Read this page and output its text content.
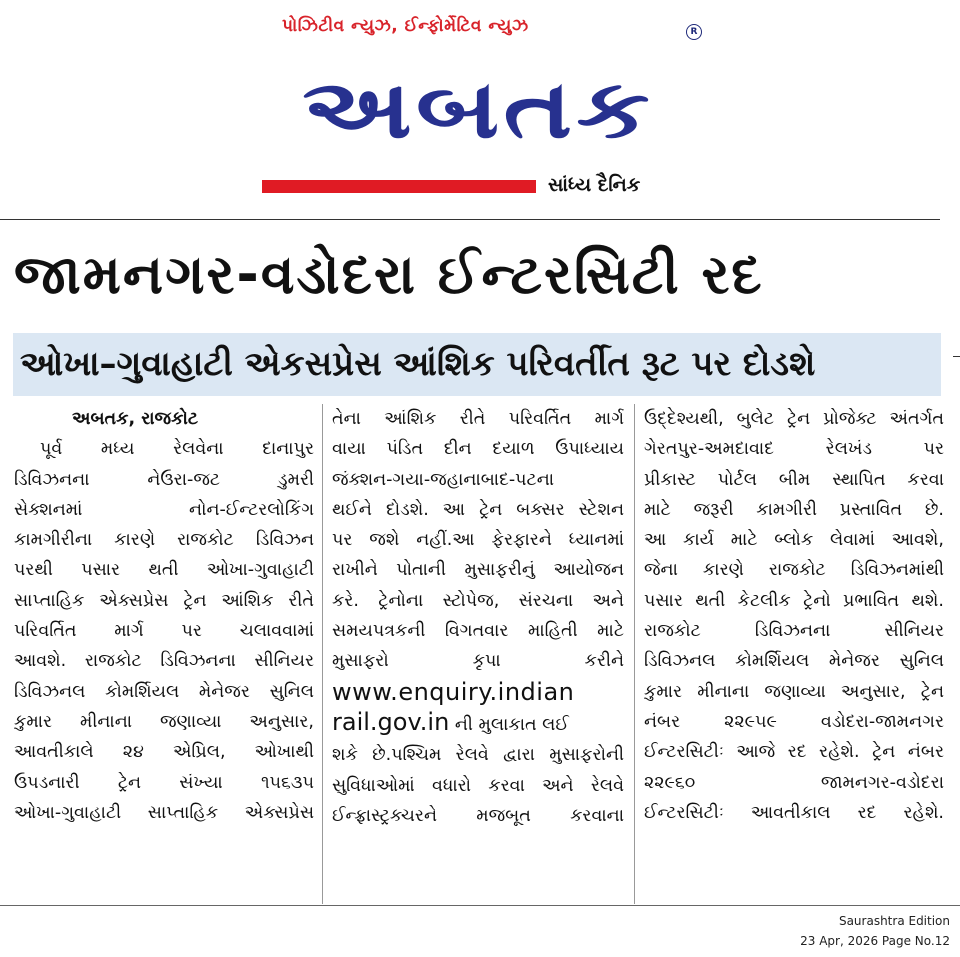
પોઝિટીવ ન્યુઝ, ઈન્ફોર્મેટિવ ન્યુઝ	R
અબતક
સાંધ્ય દૈનિક
જામનગર-વડોદરા ઈન્ટરસિટી રદ
ઓખા–ગુવાહાટી એકસપ્રેસ આંશિક પરિવર્તીત રૂટ પર દોડશે
અબતક, રાજકોટ
પૂર્વ મધ્ય રેલવેના દાનાપુર
ડિવિઝનના નેઉરા-જટ ડુમરી
સેક્શનમાં નોન-ઈન્ટરલોકિંગ
કામગીરીના કારણે રાજકોટ ડિવિઝન
પરથી પસાર થતી ઓખા-ગુવાહાટી
સાપ્તાહિક એક્સપ્રેસ ટ્રેન આંશિક રીતે
પરિવર્તિત માર્ગ પર ચલાવવામાં
આવશે. રાજકોટ ડિવિઝનના સીનિયર
ડિવિઝનલ કોમર્શિયલ મેનેજર સુનિલ
કુમાર મીનાના જણાવ્યા અનુસાર,
આવતીકાલે ૨૪ એપ્રિલ, ઓખાથી
ઉપડનારી ટ્રેન સંખ્યા ૧૫૬૩૫
ઓખા-ગુવાહાટી સાપ્તાહિક એક્સપ્રેસ
તેના આંશિક રીતે પરિવર્તિત માર્ગ
વાયા પંડિત દીન દયાળ ઉપાધ્યાય
જંક્શન-ગયા-જહાનાબાદ-પટના
થઈને દોડશે. આ ટ્રેન બક્સર સ્ટેશન
પર જશે નહીં.આ ફેરફારને ધ્યાનમાં
રાખીને પોતાની મુસાફરીનું આયોજન
કરે. ટ્રેનોના સ્ટોપેજ, સંરચના અને
સમયપત્રકની વિગતવાર માહિતી માટે
મુસાફરો કૃપા કરીને
www.enquiry.indian
rail.gov.in ની મુલાકાત લઈ
શકે છે.પશ્ચિમ રેલવે દ્વારા મુસાફરોની
સુવિધાઓમાં વધારો કરવા અને રેલવે
ઈન્ફ્રાસ્ટ્રક્ચરને મજબૂત કરવાના
ઉદ્દેશ્યથી, બુલેટ ટ્રેન પ્રોજેક્ટ અંતર્ગત
ગેરતપુર-અમદાવાદ રેલખંડ પર
પ્રીકાસ્ટ પોર્ટલ બીમ સ્થાપિત કરવા
માટે જરૂરી કામગીરી પ્રસ્તાવિત છે.
આ કાર્ય માટે બ્લોક લેવામાં આવશે,
જેના કારણે રાજકોટ ડિવિઝનમાંથી
પસાર થતી કેટલીક ટ્રેનો પ્રભાવિત થશે.
રાજકોટ ડિવિઝનના સીનિયર
ડિવિઝનલ કોમર્શિયલ મેનેજર સુનિલ
કુમાર મીનાના જણાવ્યા અનુસાર, ટ્રેન
નંબર ૨૨૯૫૯ વડોદરા-જામનગર
ઈન્ટરસિટીઃ આજે રદ રહેશે. ટ્રેન નંબર
૨૨૯૬૦ જામનગર-વડોદરા
ઈન્ટરસિટીઃ આવતીકાલ રદ રહેશે.
Saurashtra Edition
23 Apr, 2026 Page No.12
